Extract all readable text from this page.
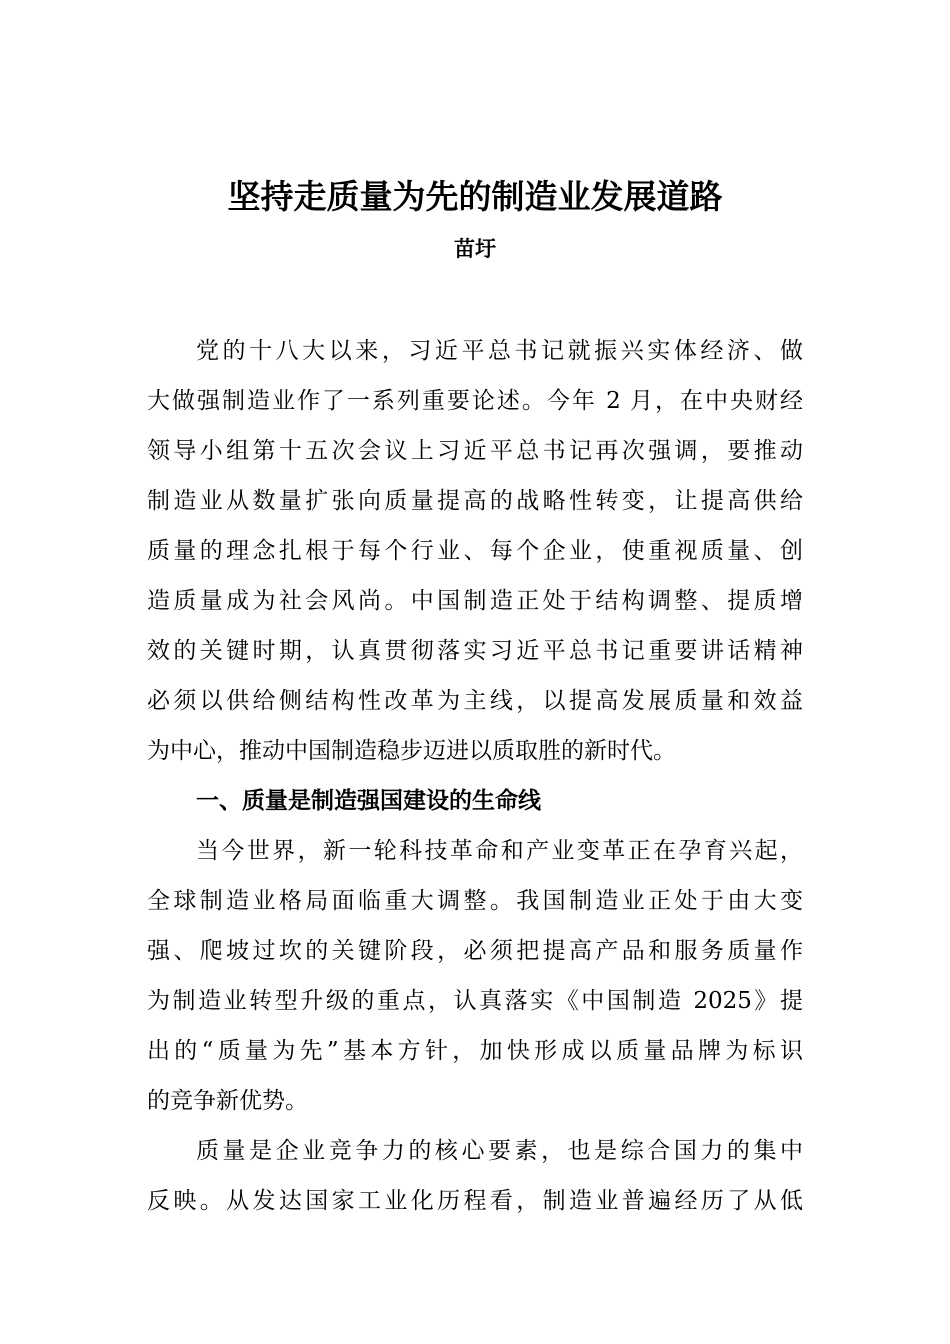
坚持走质量为先的制造业发展道路
苗圩
党的十八大以来，习近平总书记就振兴实体经济、做
大做强制造业作了一系列重要论述。今年 2 月，在中央财经
领导小组第十五次会议上习近平总书记再次强调，要推动
制造业从数量扩张向质量提高的战略性转变，让提高供给
质量的理念扎根于每个行业、每个企业，使重视质量、创
造质量成为社会风尚。中国制造正处于结构调整、提质增
效的关键时期，认真贯彻落实习近平总书记重要讲话精神
必须以供给侧结构性改革为主线，以提高发展质量和效益
为中心，推动中国制造稳步迈进以质取胜的新时代。
一、质量是制造强国建设的生命线
当今世界，新一轮科技革命和产业变革正在孕育兴起，
全球制造业格局面临重大调整。我国制造业正处于由大变
强、爬坡过坎的关键阶段，必须把提高产品和服务质量作
为制造业转型升级的重点，认真落实《中国制造 2025》提
出的“质量为先”基本方针，加快形成以质量品牌为标识
的竞争新优势。
质量是企业竞争力的核心要素，也是综合国力的集中
反映。从发达国家工业化历程看，制造业普遍经历了从低
